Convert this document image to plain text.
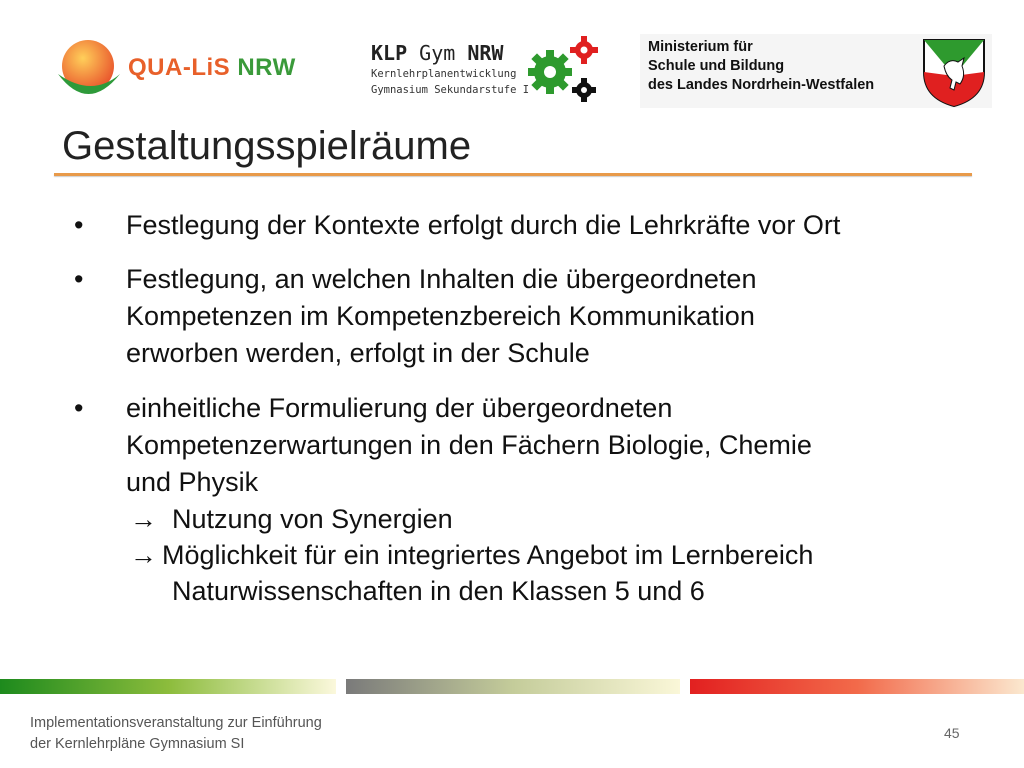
QUA-LiS NRW
KLP Gym NRW
Kernlehrplanentwicklung
Gymnasium Sekundarstufe I
Ministerium für
Schule und Bildung
des Landes Nordrhein-Westfalen
Gestaltungsspielräume
• Festlegung der Kontexte erfolgt durch die Lehrkräfte vor Ort
• Festlegung, an welchen Inhalten die übergeordneten
Kompetenzen im Kompetenzbereich Kommunikation
erworben werden, erfolgt in der Schule
• einheitliche Formulierung der übergeordneten
Kompetenzerwartungen in den Fächern Biologie, Chemie
und Physik
→ Nutzung von Synergien
→ Möglichkeit für ein integriertes Angebot im Lernbereich
Naturwissenschaften in den Klassen 5 und 6
Implementationsveranstaltung zur Einführung
der Kernlehrpläne Gymnasium SI
45
